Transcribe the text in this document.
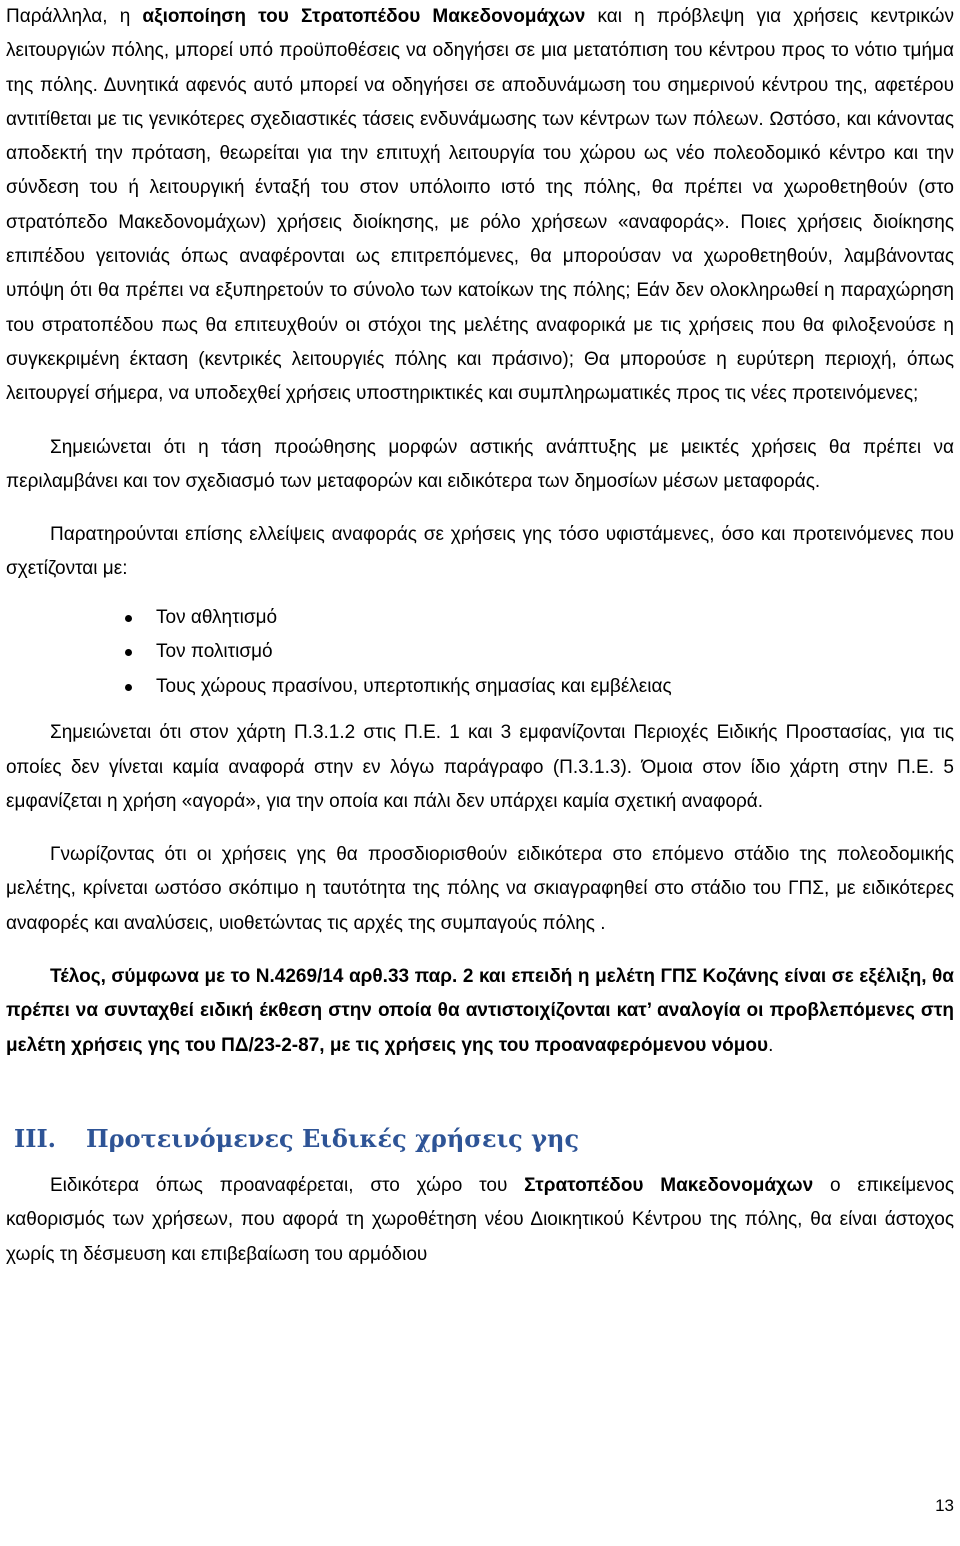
Παράλληλα, η αξιοποίηση του Στρατοπέδου Μακεδονομάχων και η πρόβλεψη για χρήσεις κεντρικών λειτουργιών πόλης, μπορεί υπό προϋποθέσεις να οδηγήσει σε μια μετατόπιση του κέντρου προς το νότιο τμήμα της πόλης. Δυνητικά αφενός αυτό μπορεί να οδηγήσει σε αποδυνάμωση του σημερινού κέντρου της, αφετέρου αντιτίθεται με τις γενικότερες σχεδιαστικές τάσεις ενδυνάμωσης των κέντρων των πόλεων. Ωστόσο, και κάνοντας αποδεκτή την πρόταση, θεωρείται για την επιτυχή λειτουργία του χώρου ως νέο πολεοδομικό κέντρο και την σύνδεση του ή λειτουργική ένταξή του στον υπόλοιπο ιστό της πόλης, θα πρέπει να χωροθετηθούν (στο στρατόπεδο Μακεδονομάχων) χρήσεις διοίκησης, με ρόλο χρήσεων «αναφοράς». Ποιες χρήσεις διοίκησης επιπέδου γειτονιάς όπως αναφέρονται ως επιτρεπόμενες, θα μπορούσαν να χωροθετηθούν, λαμβάνοντας υπόψη ότι θα πρέπει να εξυπηρετούν το σύνολο των κατοίκων της πόλης; Εάν δεν ολοκληρωθεί η παραχώρηση του στρατοπέδου πως θα επιτευχθούν οι στόχοι της μελέτης αναφορικά με τις χρήσεις που θα φιλοξενούσε η συγκεκριμένη έκταση (κεντρικές λειτουργιές πόλης και πράσινο); Θα μπορούσε η ευρύτερη περιοχή, όπως λειτουργεί σήμερα, να υποδεχθεί χρήσεις υποστηρικτικές και συμπληρωματικές προς τις νέες προτεινόμενες;

Σημειώνεται ότι η τάση προώθησης μορφών αστικής ανάπτυξης με μεικτές χρήσεις θα πρέπει να περιλαμβάνει και τον σχεδιασμό των μεταφορών και ειδικότερα των δημοσίων μέσων μεταφοράς.

Παρατηρούνται επίσης ελλείψεις αναφοράς σε χρήσεις γης τόσο υφιστάμενες, όσο και προτεινόμενες που σχετίζονται με:

Τον αθλητισμό
Τον πολιτισμό
Τους χώρους πρασίνου, υπερτοπικής σημασίας και εμβέλειας

Σημειώνεται ότι στον χάρτη Π.3.1.2 στις Π.Ε. 1 και 3 εμφανίζονται Περιοχές Ειδικής Προστασίας, για τις οποίες δεν γίνεται καμία αναφορά στην εν λόγω παράγραφο (Π.3.1.3). Όμοια στον ίδιο χάρτη στην Π.Ε. 5 εμφανίζεται η χρήση «αγορά», για την οποία και πάλι δεν υπάρχει καμία σχετική αναφορά.

Γνωρίζοντας ότι οι χρήσεις γης θα προσδιορισθούν ειδικότερα στο επόμενο στάδιο της πολεοδομικής μελέτης, κρίνεται ωστόσο σκόπιμο η ταυτότητα της πόλης να σκιαγραφηθεί στο στάδιο του ΓΠΣ, με ειδικότερες αναφορές και αναλύσεις, υιοθετώντας τις αρχές της συμπαγούς πόλης .

Τέλος, σύμφωνα με το Ν.4269/14 αρθ.33 παρ. 2 και επειδή η μελέτη ΓΠΣ Κοζάνης είναι σε εξέλιξη, θα πρέπει να συνταχθεί ειδική έκθεση στην οποία θα αντιστοιχίζονται κατ’ αναλογία οι προβλεπόμενες στη μελέτη χρήσεις γης του ΠΔ/23-2-87, με τις χρήσεις γης του προαναφερόμενου νόμου.

III. Προτεινόμενες Ειδικές χρήσεις γης

Ειδικότερα όπως προαναφέρεται, στο χώρο του Στρατοπέδου Μακεδονομάχων ο επικείμενος καθορισμός των χρήσεων, που αφορά τη χωροθέτηση νέου Διοικητικού Κέντρου της πόλης, θα είναι άστοχος χωρίς τη δέσμευση και επιβεβαίωση του αρμόδιου

13
